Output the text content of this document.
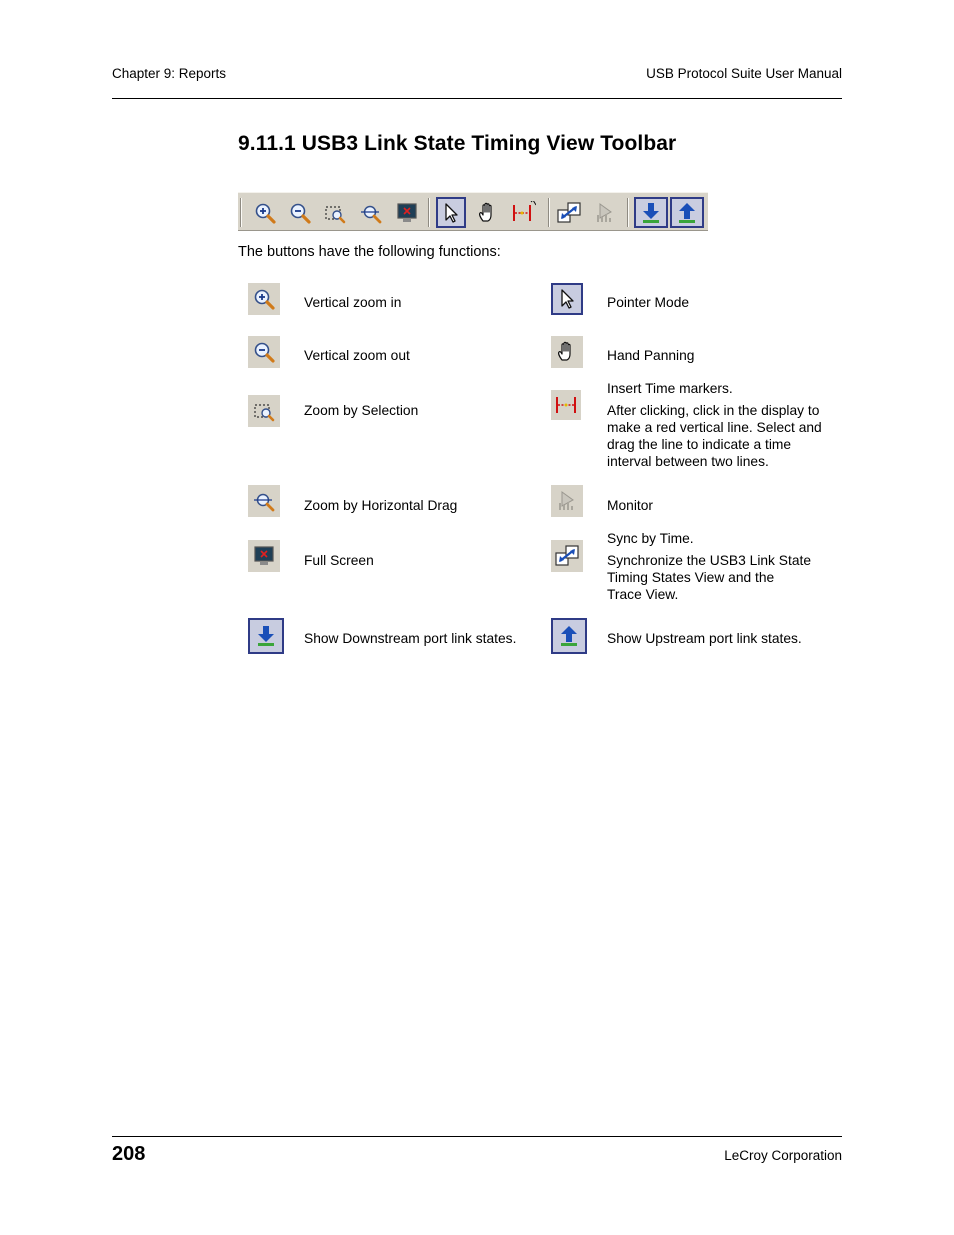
Chapter 9: Reports	USB Protocol Suite User Manual
9.11.1 USB3 Link State Timing View Toolbar
The buttons have the following functions:
Vertical zoom in
Vertical zoom out
Zoom by Selection
Zoom by Horizontal Drag
Full Screen
Show Downstream port link states.
Pointer Mode
Hand Panning
Insert Time markers.
After clicking, click in the display to
make a red vertical line. Select and
drag the line to indicate a time
interval between two lines.
Monitor
Sync by Time.
Synchronize the USB3 Link State
Timing States View and the
Trace View.
Show Upstream port link states.
208	LeCroy Corporation
